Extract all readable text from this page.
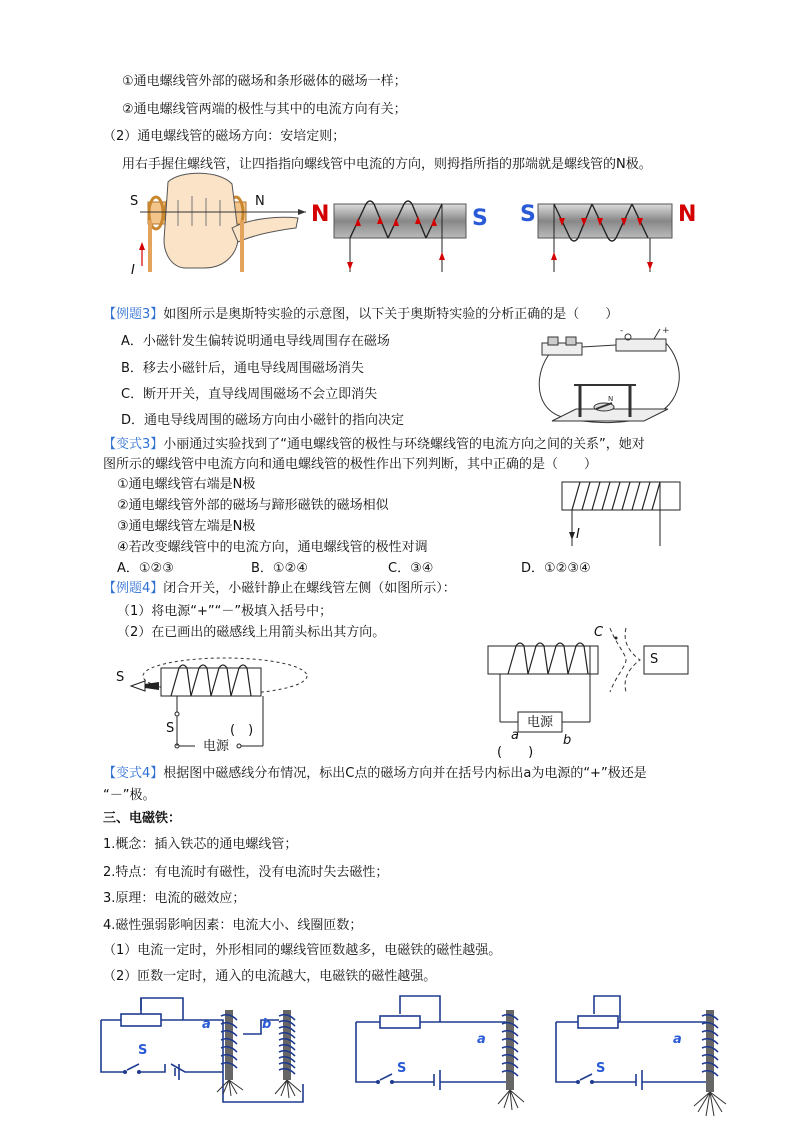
①通电螺线管外部的磁场和条形磁体的磁场一样；
②通电螺线管两端的极性与其中的电流方向有关；
（2）通电螺线管的磁场方向：安培定则；
用右手握住螺线管，让四指指向螺线管中电流的方向，则拇指所指的那端就是螺线管的N极。
S	N
I
N	S S	N
【例题3】如图所示是奥斯特实验的示意图，以下关于奥斯特实验的分析正确的是（　　）
A．小磁针发生偏转说明通电导线周围存在磁场
B．移去小磁针后，通电导线周围磁场消失
C．断开开关，直导线周围磁场不会立即消失
D．通电导线周围的磁场方向由小磁针的指向决定
-	+
N
【变式3】小丽通过实验找到了“通电螺线管的极性与环绕螺线管的电流方向之间的关系”，她对
图所示的螺线管中电流方向和通电螺线管的极性作出下列判断，其中正确的是（　　）
①通电螺线管右端是N极
②通电螺线管外部的磁场与蹄形磁铁的磁场相似
③通电螺线管左端是N极
④若改变螺线管中的电流方向，通电螺线管的极性对调
A．①②③	B．①②④	C．③④	D．①②③④
I
【例题4】闭合开关，小磁针静止在螺线管左侧（如图所示）：
（1）将电源“+”“－”极填入括号中；
（2）在已画出的磁感线上用箭头标出其方向。
S
S	(　)
电源
C
S
电源
a	b
(　　)
【变式4】根据图中磁感线分布情况，标出C点的磁场方向并在括号内标出a为电源的“+”极还是
“－”极。
三、电磁铁：
1.概念：插入铁芯的通电螺线管；
2.特点：有电流时有磁性，没有电流时失去磁性；
3.原理：电流的磁效应；
4.磁性强弱影响因素：电流大小、线圈匝数；
（1）电流一定时，外形相同的螺线管匝数越多，电磁铁的磁性越强。
（2）匝数一定时，通入的电流越大，电磁铁的磁性越强。
a	b
S
a
S
a
S
